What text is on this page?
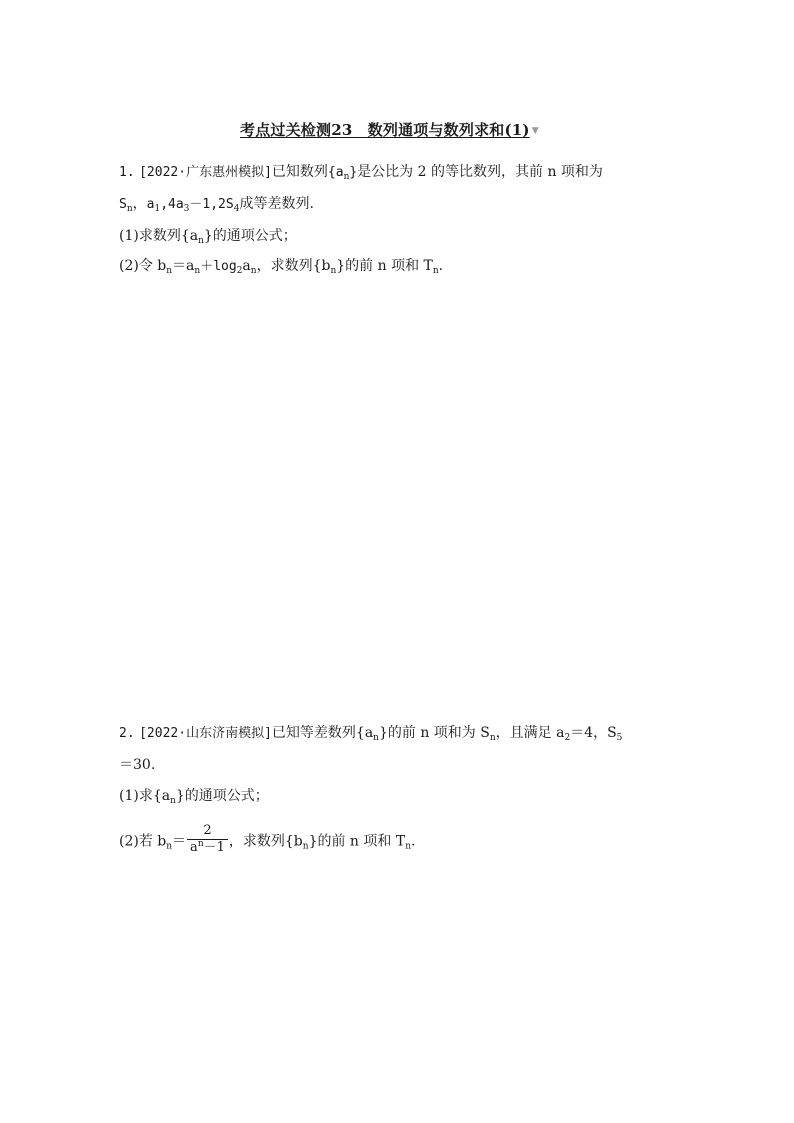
考点过关检测23　数列通项与数列求和(1) ▼
1. [2022·广东惠州模拟]已知数列$\{a_n\}$是公比为 2 的等比数列，其前 n 项和为
$S_n$，$a_1,4a_3-1,2S_4$成等差数列.
(1)求数列$\{a_n\}$的通项公式；
(2)令 $b_n=a_n+\log_2a_n$，求数列$\{b_n\}$的前 n 项和 $T_n$.
2. [2022·山东济南模拟]已知等差数列$\{a_n\}$的前 n 项和为 $S_n$，且满足 $a_2=4$，$S_5$
＝30.
(1)求$\{a_n\}$的通项公式；
(2)若 $b_n= \frac{2}{a^n-1}$ ，求数列$\{b_n\}$的前 n 项和 $T_n$.
